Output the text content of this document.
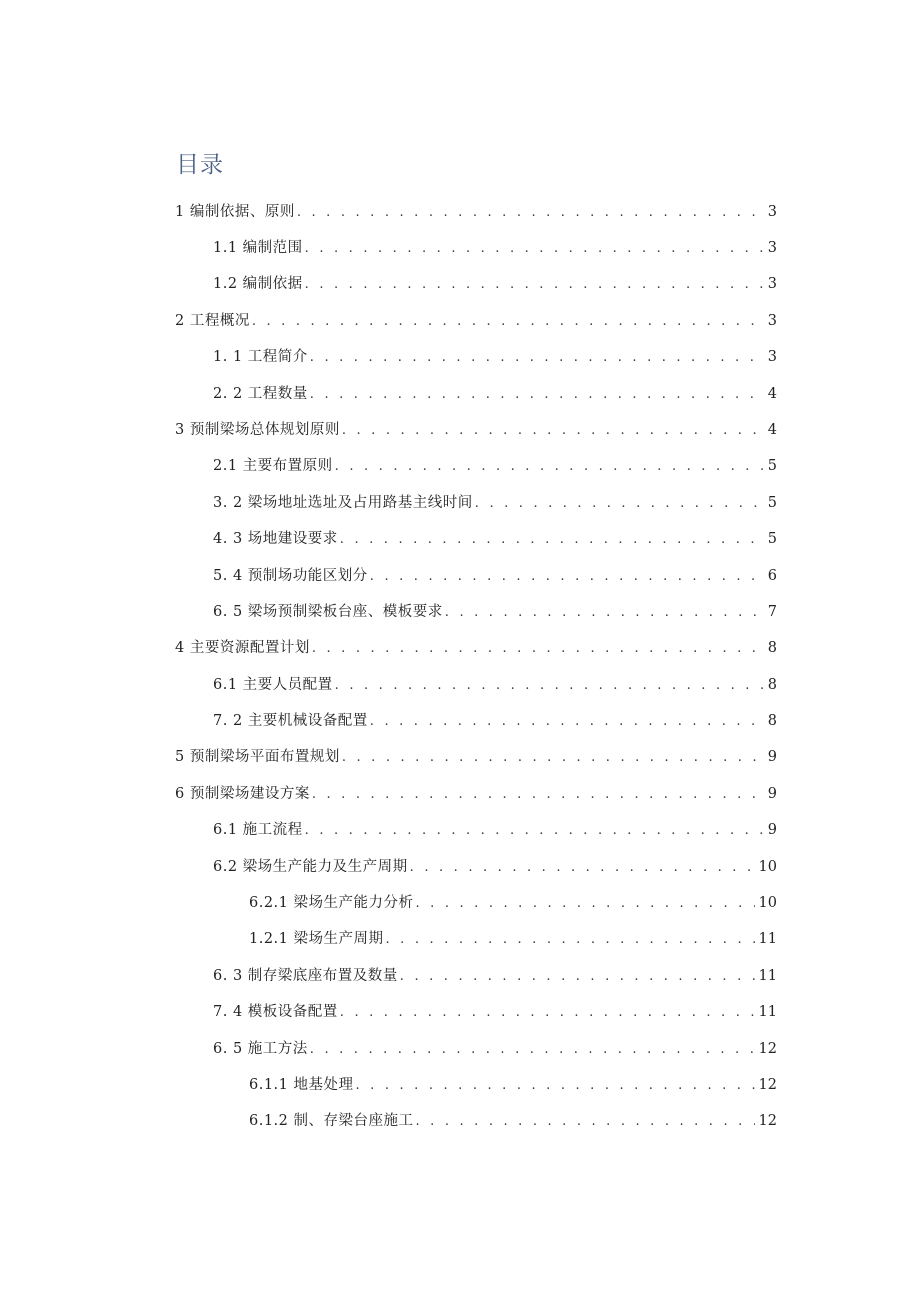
目录
1 编制依据、原则 . . .	3
1.1 编制范围 . . .	3
1.2 编制依据 . . .	3
2 工程概况 . . .	3
1. 1 工程简介 . . .	3
2. 2 工程数量 . . .	4
3 预制梁场总体规划原则 . . .	4
2.1 主要布置原则 . . .	5
3. 2 梁场地址选址及占用路基主线时间 . . .	5
4. 3 场地建设要求 . . .	5
5. 4 预制场功能区划分 . . .	6
6. 5 梁场预制梁板台座、模板要求 . . .	7
4 主要资源配置计划 . . .	8
6.1 主要人员配置 . . .	8
7. 2 主要机械设备配置 . . .	8
5 预制梁场平面布置规划 . . .	9
6 预制梁场建设方案 . . .	9
6.1 施工流程 . . .	9
6.2 梁场生产能力及生产周期 . . .	10
6.2.1 梁场生产能力分析 . . .	10
1.2.1 梁场生产周期 . . .	11
6. 3 制存梁底座布置及数量 . . .	11
7. 4 模板设备配置 . . .	11
6. 5 施工方法 . . .	12
6.1.1 地基处理 . . .	12
6.1.2 制、存梁台座施工 . . .	12
